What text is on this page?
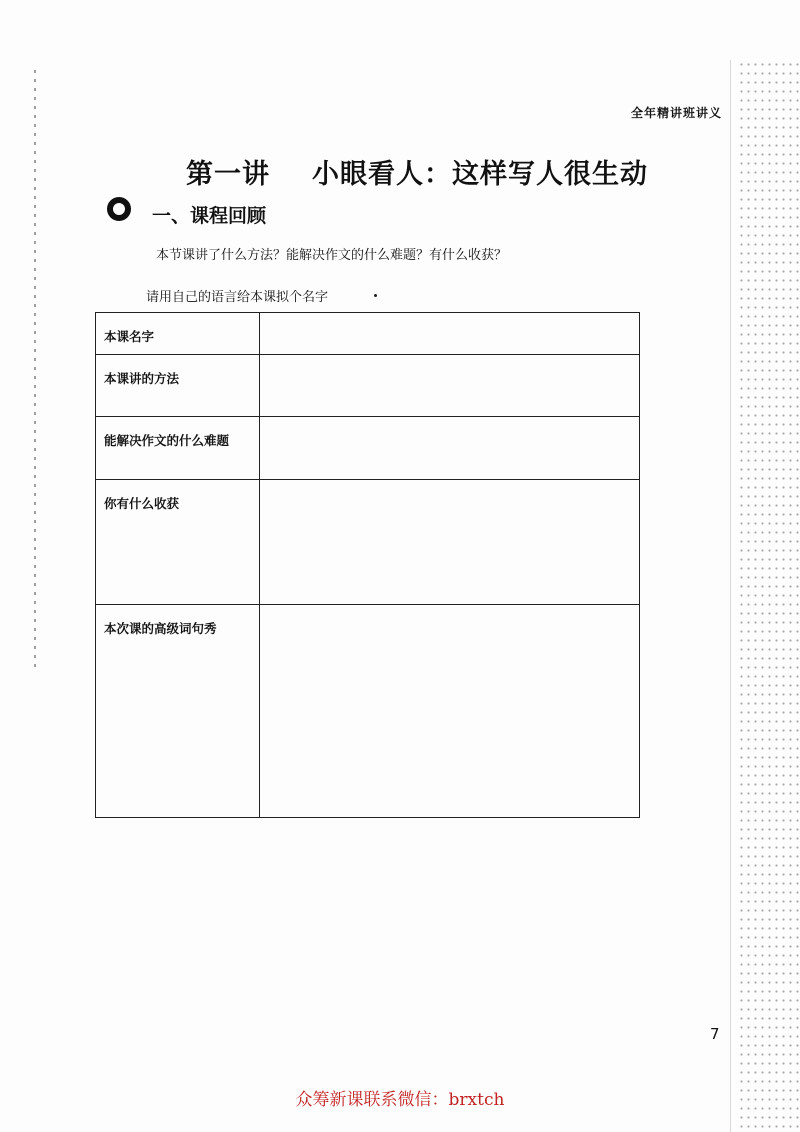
全年精讲班讲义
第一讲 小眼看人：这样写人很生动
一、课程回顾
本节课讲了什么方法？能解决作文的什么难题？有什么收获？
请用自己的语言给本课拟个名字
本课名字	

本课讲的方法	

能解决作文的什么难题	

你有什么收获	

本次课的高级词句秀	

7
众筹新课联系微信：brxtch
